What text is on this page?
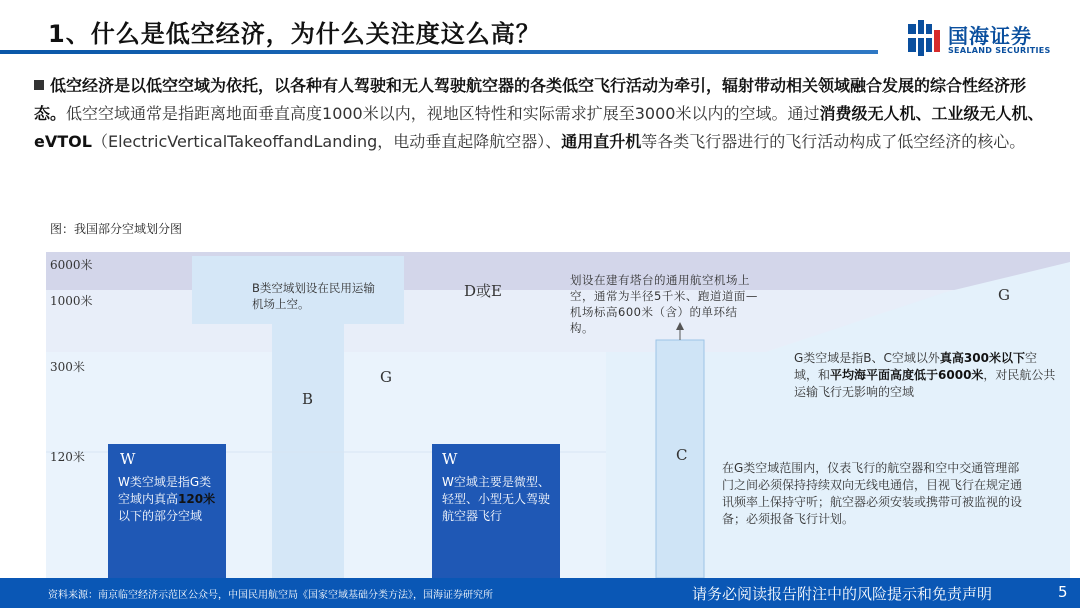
1、什么是低空经济，为什么关注度这么高？	国海证券
SEALAND SECURITIES
低空经济是以低空空域为依托，以各种有人驾驶和无人驾驶航空器的各类低空飞行活动为牵引，辐射带动相关领域融合发展的综合性经济形态。低空空域通常是指距离地面垂直高度1000米以内，视地区特性和实际需求扩展至3000米以内的空域。通过消费级无人机、工业级无人机、eVTOL（ElectricVerticalTakeoffandLanding，电动垂直起降航空器）、通用直升机等各类飞行器进行的飞行活动构成了低空经济的核心。
图：我国部分空域划分图
6000米
1000米
300米
120米
B类空域划设在民用运输机场上空。
B
D或E
划设在建有塔台的通用航空机场上空，通常为半径5千米、跑道道面—机场标高600米（含）的单环结构。
C
G
G
G类空域是指B、C空域以外真高300米以下空域，和平均海平面高度低于6000米，对民航公共运输飞行无影响的空域
在G类空域范围内，仪表飞行的航空器和空中交通管理部门之间必须保持持续双向无线电通信，目视飞行在规定通讯频率上保持守听；航空器必须安装或携带可被监视的设备；必须报备飞行计划。
W
W类空域是指G类空域内真高120米以下的部分空域
W
W空域主要是微型、轻型、小型无人驾驶航空器飞行
资料来源：南京临空经济示范区公众号，中国民用航空局《国家空域基础分类方法》，国海证券研究所	请务必阅读报告附注中的风险提示和免责声明	5
